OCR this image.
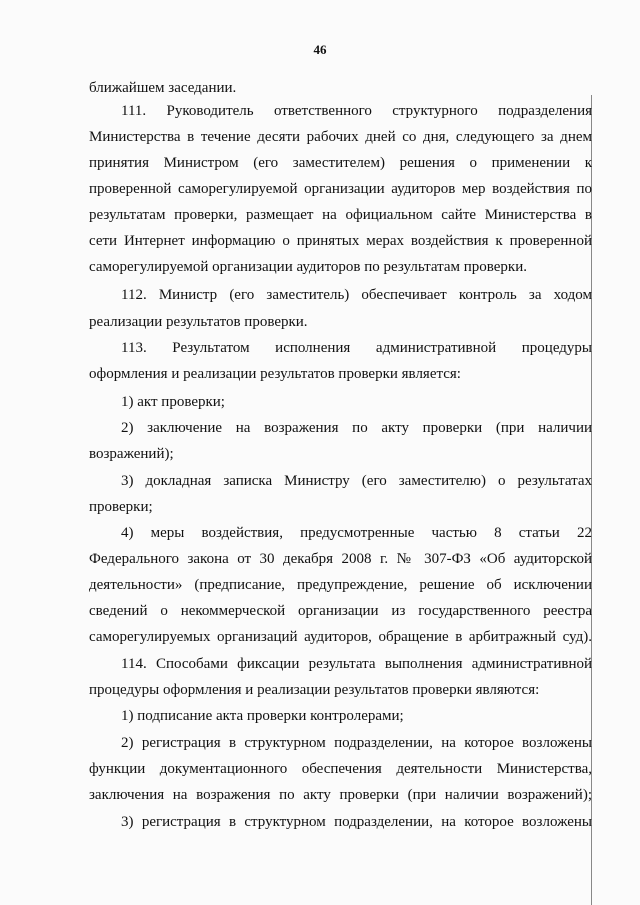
46
ближайшем заседании.
111. Руководитель ответственного структурного подразделения
Министерства в течение десяти рабочих дней со дня, следующего за днем
принятия Министром (его заместителем) решения о применении к
проверенной саморегулируемой организации аудиторов мер воздействия по
результатам проверки, размещает на официальном сайте Министерства в
сети Интернет информацию о принятых мерах воздействия к проверенной
саморегулируемой организации аудиторов по результатам проверки.
112. Министр (его заместитель) обеспечивает контроль за ходом
реализации результатов проверки.
113. Результатом исполнения административной процедуры
оформления и реализации результатов проверки является:
1) акт проверки;
2) заключение на возражения по акту проверки (при наличии
возражений);
3) докладная записка Министру (его заместителю) о результатах
проверки;
4) меры воздействия, предусмотренные частью 8 статьи 22
Федерального закона от 30 декабря 2008 г. № 307-ФЗ «Об аудиторской
деятельности» (предписание, предупреждение, решение об исключении
сведений о некоммерческой организации из государственного реестра
саморегулируемых организаций аудиторов, обращение в арбитражный суд).
114. Способами фиксации результата выполнения административной
процедуры оформления и реализации результатов проверки являются:
1) подписание акта проверки контролерами;
2) регистрация в структурном подразделении, на которое возложены
функции документационного обеспечения деятельности Министерства,
заключения на возражения по акту проверки (при наличии возражений);
3) регистрация в структурном подразделении, на которое возложены
